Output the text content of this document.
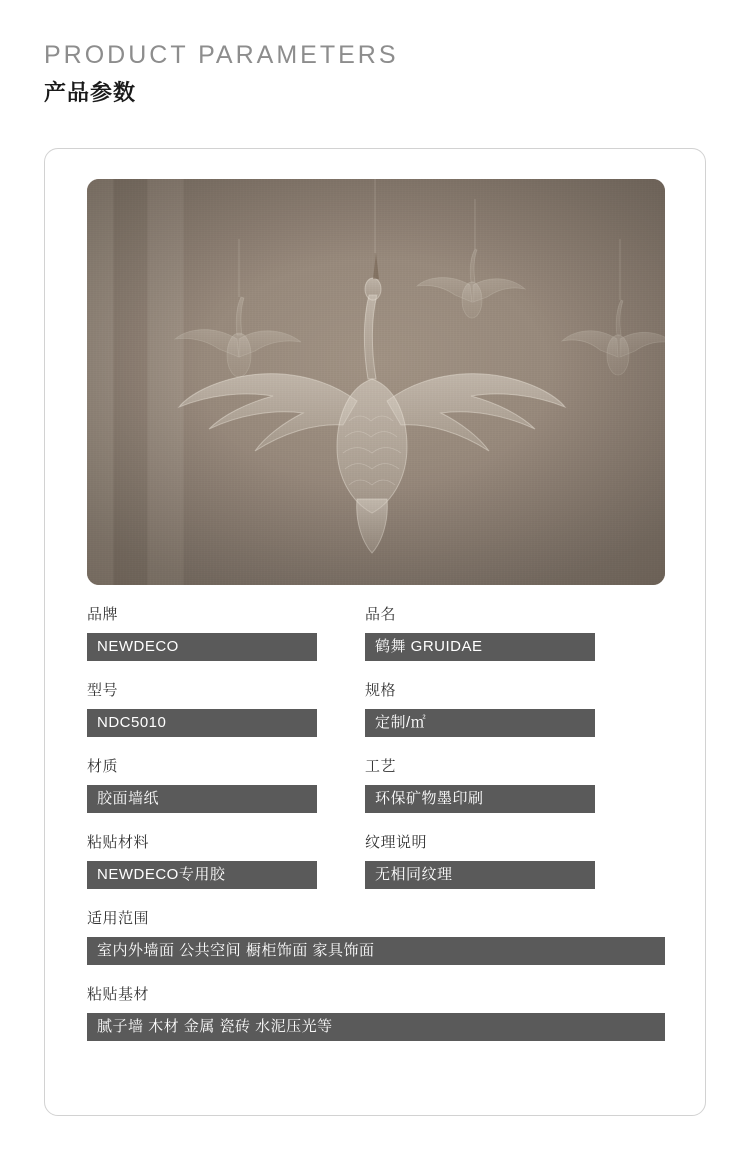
PRODUCT PARAMETERS
产品参数
品牌
NEWDECO
品名
鹤舞 GRUIDAE
型号
NDC5010
规格
定制/㎡
材质
胶面墙纸
工艺
环保矿物墨印刷
粘贴材料
NEWDECO专用胶
纹理说明
无相同纹理
适用范围
室内外墙面 公共空间 橱柜饰面 家具饰面
粘贴基材
腻子墙 木材 金属 瓷砖 水泥压光等
